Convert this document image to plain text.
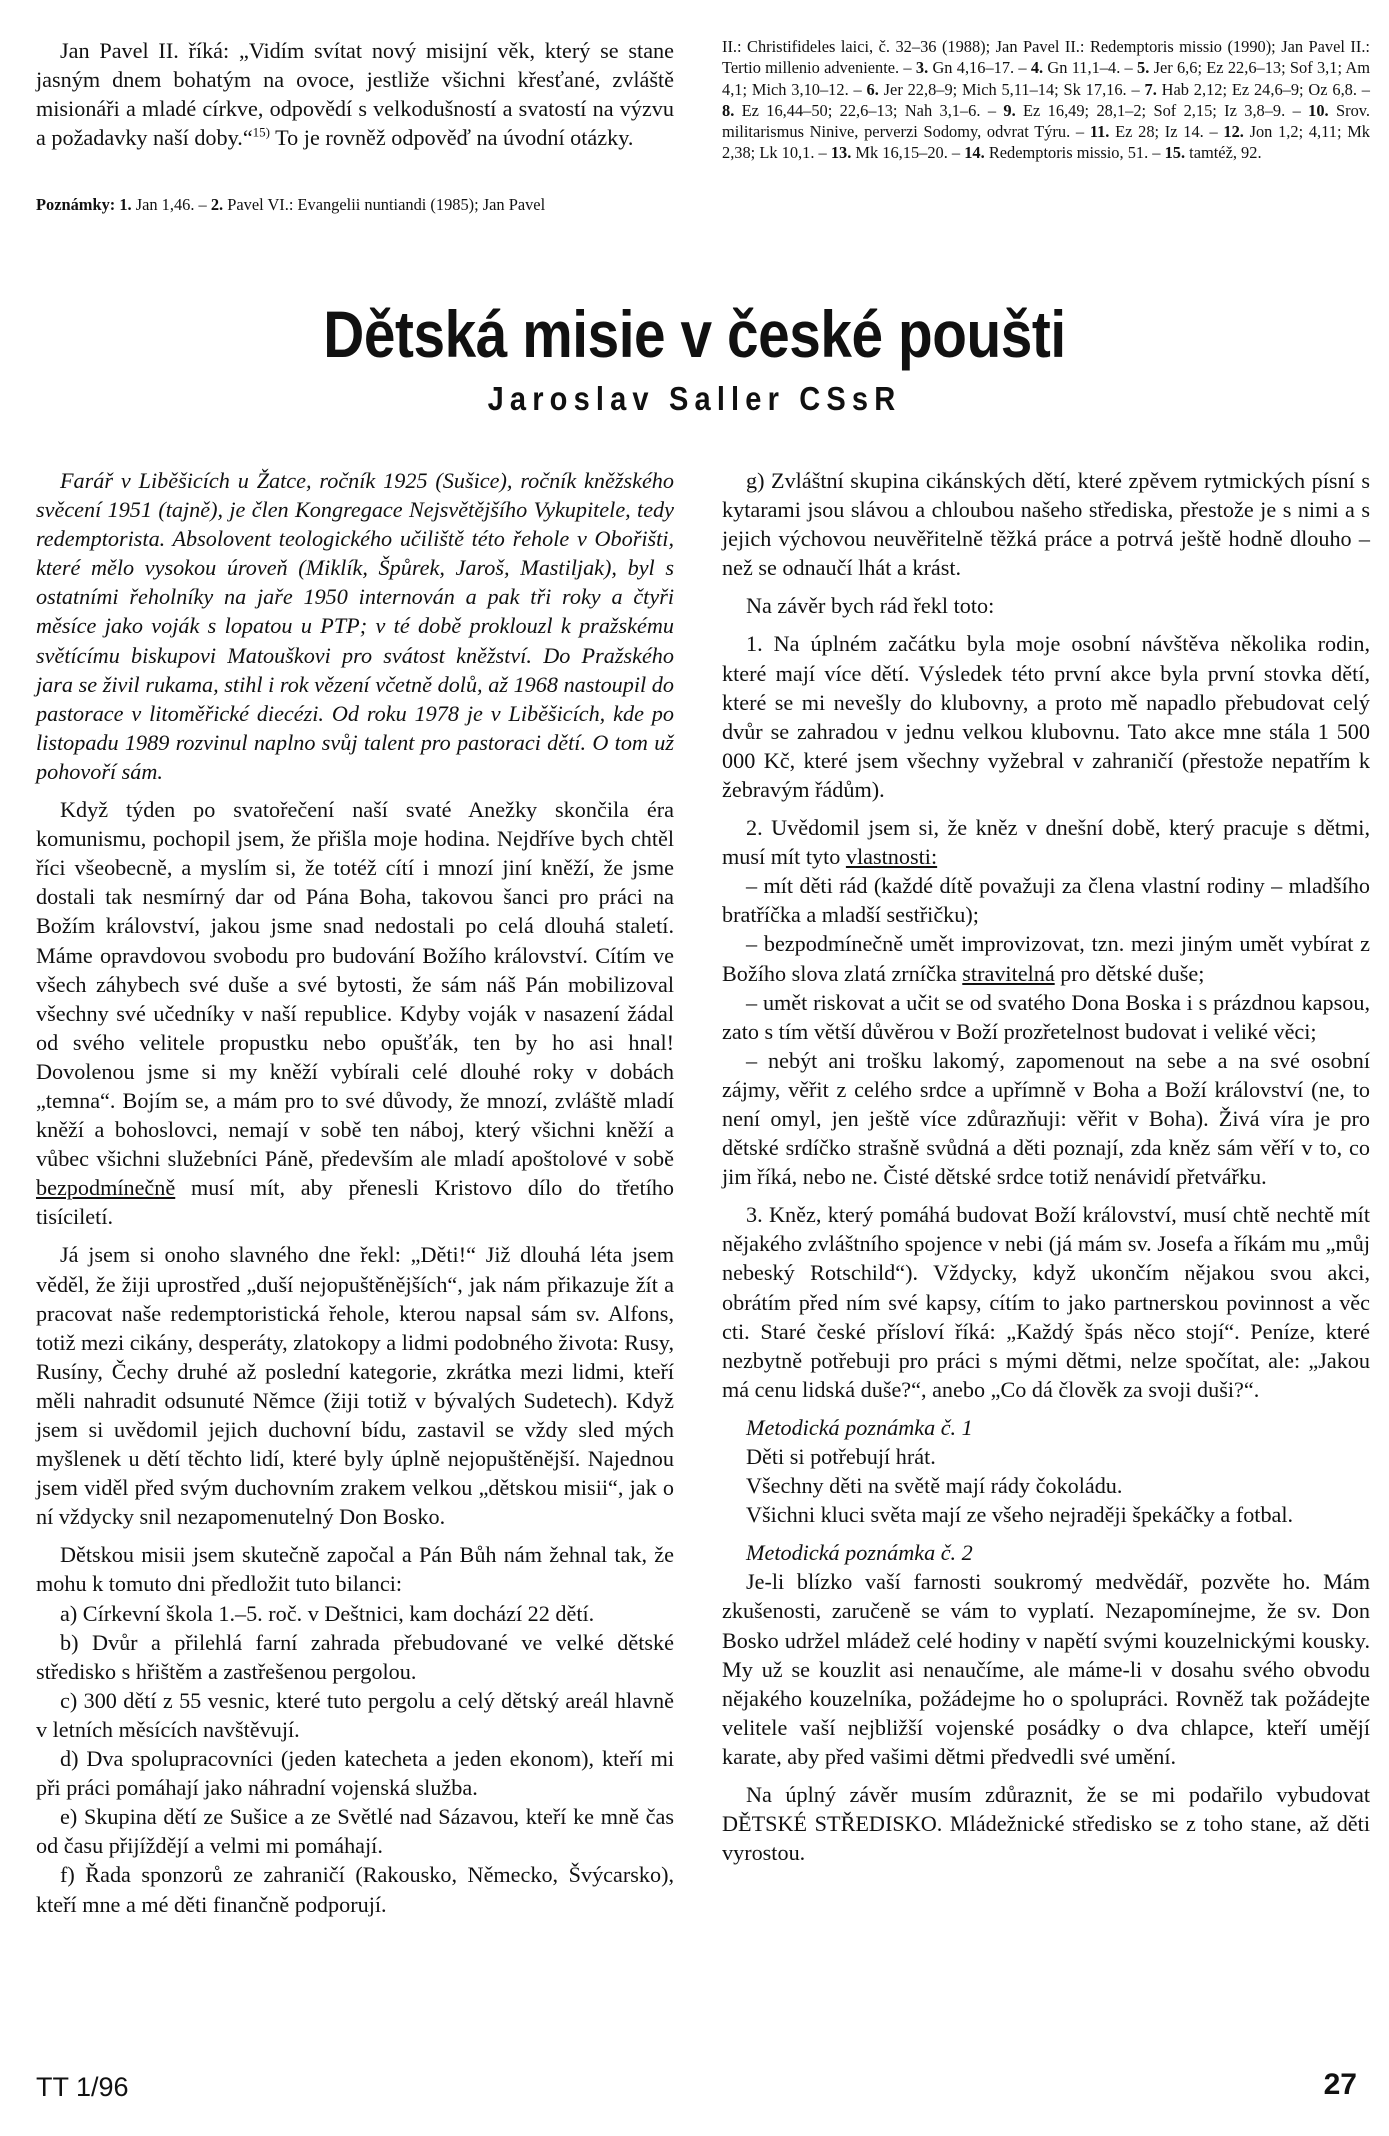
Jan Pavel II. říká: „Vidím svítat nový misijní věk, který se stane jasným dnem bohatým na ovoce, jestliže všichni křesťané, zvláště misionáři a mladé církve, odpovědí s velkodušností a svatostí na výzvu a požadavky naší doby.“$^{15)}$ To je rovněž odpověď na úvodní otázky.

Poznámky: 1. Jan 1,46. – 2. Pavel VI.: Evangelii nuntiandi (1985); Jan Pavel

II.: Christifideles laici, č. 32–36 (1988); Jan Pavel II.: Redemptoris missio (1990); Jan Pavel II.: Tertio millenio adveniente. – 3. Gn 4,16–17. – 4. Gn 11,1–4. – 5. Jer 6,6; Ez 22,6–13; Sof 3,1; Am 4,1; Mich 3,10–12. – 6. Jer 22,8–9; Mich 5,11–14; Sk 17,16. – 7. Hab 2,12; Ez 24,6–9; Oz 6,8. – 8. Ez 16,44–50; 22,6–13; Nah 3,1–6. – 9. Ez 16,49; 28,1–2; Sof 2,15; Iz 3,8–9. – 10. Srov. militarismus Ninive, perverzi Sodomy, odvrat Týru. – 11. Ez 28; Iz 14. – 12. Jon 1,2; 4,11; Mk 2,38; Lk 10,1. – 13. Mk 16,15–20. – 14. Redemptoris missio, 51. – 15. tamtéž, 92.

Dětská misie v české poušti
Jaroslav Saller CSsR

Farář v Liběšicích u Žatce, ročník 1925 (Sušice), ročník kněžského svěcení 1951 (tajně), je člen Kongregace Nejsvětějšího Vykupitele, tedy redemptorista. Absolovent teologického učiliště této řehole v Obořišti, které mělo vysokou úroveň (Miklík, Špůrek, Jaroš, Mastiljak), byl s ostatními řeholníky na jaře 1950 internován a pak tři roky a čtyři měsíce jako voják s lopatou u PTP; v té době proklouzl k pražskému světícímu biskupovi Matouškovi pro svátost kněžství. Do Pražského jara se živil rukama, stihl i rok vězení včetně dolů, až 1968 nastoupil do pastorace v litoměřické diecézi. Od roku 1978 je v Liběšicích, kde po listopadu 1989 rozvinul naplno svůj talent pro pastoraci dětí. O tom už pohovoří sám.

Když týden po svatořečení naší svaté Anežky skončila éra komunismu, pochopil jsem, že přišla moje hodina. Nejdříve bych chtěl říci všeobecně, a myslím si, že totéž cítí i mnozí jiní kněží, že jsme dostali tak nesmírný dar od Pána Boha, takovou šanci pro práci na Božím království, jakou jsme snad nedostali po celá dlouhá staletí. Máme opravdovou svobodu pro budování Božího království. Cítím ve všech záhybech své duše a své bytosti, že sám náš Pán mobilizoval všechny své učedníky v naší republice. Kdyby voják v nasazení žádal od svého velitele propustku nebo opušťák, ten by ho asi hnal! Dovolenou jsme si my kněží vybírali celé dlouhé roky v dobách „temna“. Bojím se, a mám pro to své důvody, že mnozí, zvláště mladí kněží a bohoslovci, nemají v sobě ten náboj, který všichni kněží a vůbec všichni služebníci Páně, především ale mladí apoštolové v sobě bezpodmínečně musí mít, aby přenesli Kristovo dílo do třetího tisíciletí.

Já jsem si onoho slavného dne řekl: „Děti!“ Již dlouhá léta jsem věděl, že žiji uprostřed „duší nejopuštěnějších“, jak nám přikazuje žít a pracovat naše redemptoristická řehole, kterou napsal sám sv. Alfons, totiž mezi cikány, desperáty, zlatokopy a lidmi podobného života: Rusy, Rusíny, Čechy druhé až poslední kategorie, zkrátka mezi lidmi, kteří měli nahradit odsunuté Němce (žiji totiž v bývalých Sudetech). Když jsem si uvědomil jejich duchovní bídu, zastavil se vždy sled mých myšlenek u dětí těchto lidí, které byly úplně nejopuštěnější. Najednou jsem viděl před svým duchovním zrakem velkou „dětskou misii“, jak o ní vždycky snil nezapomenutelný Don Bosko.

Dětskou misii jsem skutečně započal a Pán Bůh nám žehnal tak, že mohu k tomuto dni předložit tuto bilanci:

a) Církevní škola 1.–5. roč. v Deštnici, kam dochází 22 dětí.

b) Dvůr a přilehlá farní zahrada přebudované ve velké dětské středisko s hřištěm a zastřešenou pergolou.

c) 300 dětí z 55 vesnic, které tuto pergolu a celý dětský areál hlavně v letních měsících navštěvují.

d) Dva spolupracovníci (jeden katecheta a jeden ekonom), kteří mi při práci pomáhají jako náhradní vojenská služba.

e) Skupina dětí ze Sušice a ze Světlé nad Sázavou, kteří ke mně čas od času přijíždějí a velmi mi pomáhají.

f) Řada sponzorů ze zahraničí (Rakousko, Německo, Švýcarsko), kteří mne a mé děti finančně podporují.

g) Zvláštní skupina cikánských dětí, které zpěvem rytmických písní s kytarami jsou slávou a chloubou našeho střediska, přestože je s nimi a s jejich výchovou neuvěřitelně těžká práce a potrvá ještě hodně dlouho – než se odnaučí lhát a krást.

Na závěr bych rád řekl toto:

1. Na úplném začátku byla moje osobní návštěva několika rodin, které mají více dětí. Výsledek této první akce byla první stovka dětí, které se mi nevešly do klubovny, a proto mě napadlo přebudovat celý dvůr se zahradou v jednu velkou klubovnu. Tato akce mne stála 1 500 000 Kč, které jsem všechny vyžebral v zahraničí (přestože nepatřím k žebravým řádům).

2. Uvědomil jsem si, že kněz v dnešní době, který pracuje s dětmi, musí mít tyto vlastnosti:

– mít děti rád (každé dítě považuji za člena vlastní rodiny – mladšího bratříčka a mladší sestřičku);

– bezpodmínečně umět improvizovat, tzn. mezi jiným umět vybírat z Božího slova zlatá zrníčka stravitelná pro dětské duše;

– umět riskovat a učit se od svatého Dona Boska i s prázdnou kapsou, zato s tím větší důvěrou v Boží prozřetelnost budovat i veliké věci;

– nebýt ani trošku lakomý, zapomenout na sebe a na své osobní zájmy, věřit z celého srdce a upřímně v Boha a Boží království (ne, to není omyl, jen ještě více zdůrazňuji: věřit v Boha). Živá víra je pro dětské srdíčko strašně svůdná a děti poznají, zda kněz sám věří v to, co jim říká, nebo ne. Čisté dětské srdce totiž nenávidí přetvářku.

3. Kněz, který pomáhá budovat Boží království, musí chtě nechtě mít nějakého zvláštního spojence v nebi (já mám sv. Josefa a říkám mu „můj nebeský Rotschild“). Vždycky, když ukončím nějakou svou akci, obrátím před ním své kapsy, cítím to jako partnerskou povinnost a věc cti. Staré české přísloví říká: „Každý špás něco stojí“. Peníze, které nezbytně potřebuji pro práci s mými dětmi, nelze spočítat, ale: „Jakou má cenu lidská duše?“, anebo „Co dá člověk za svoji duši?“.

Metodická poznámka č. 1

Děti si potřebují hrát.

Všechny děti na světě mají rády čokoládu.

Všichni kluci světa mají ze všeho nejraději špekáčky a fotbal.

Metodická poznámka č. 2

Je-li blízko vaší farnosti soukromý medvědář, pozvěte ho. Mám zkušenosti, zaručeně se vám to vyplatí. Nezapomínejme, že sv. Don Bosko udržel mládež celé hodiny v napětí svými kouzelnickými kousky. My už se kouzlit asi nenaučíme, ale máme-li v dosahu svého obvodu nějakého kouzelníka, požádejme ho o spolupráci. Rovněž tak požádejte velitele vaší nejbližší vojenské posádky o dva chlapce, kteří umějí karate, aby před vašimi dětmi předvedli své umění.

Na úplný závěr musím zdůraznit, že se mi podařilo vybudovat DĚTSKÉ STŘEDISKO. Mládežnické středisko se z toho stane, až děti vyrostou.

TT 1/96	27
